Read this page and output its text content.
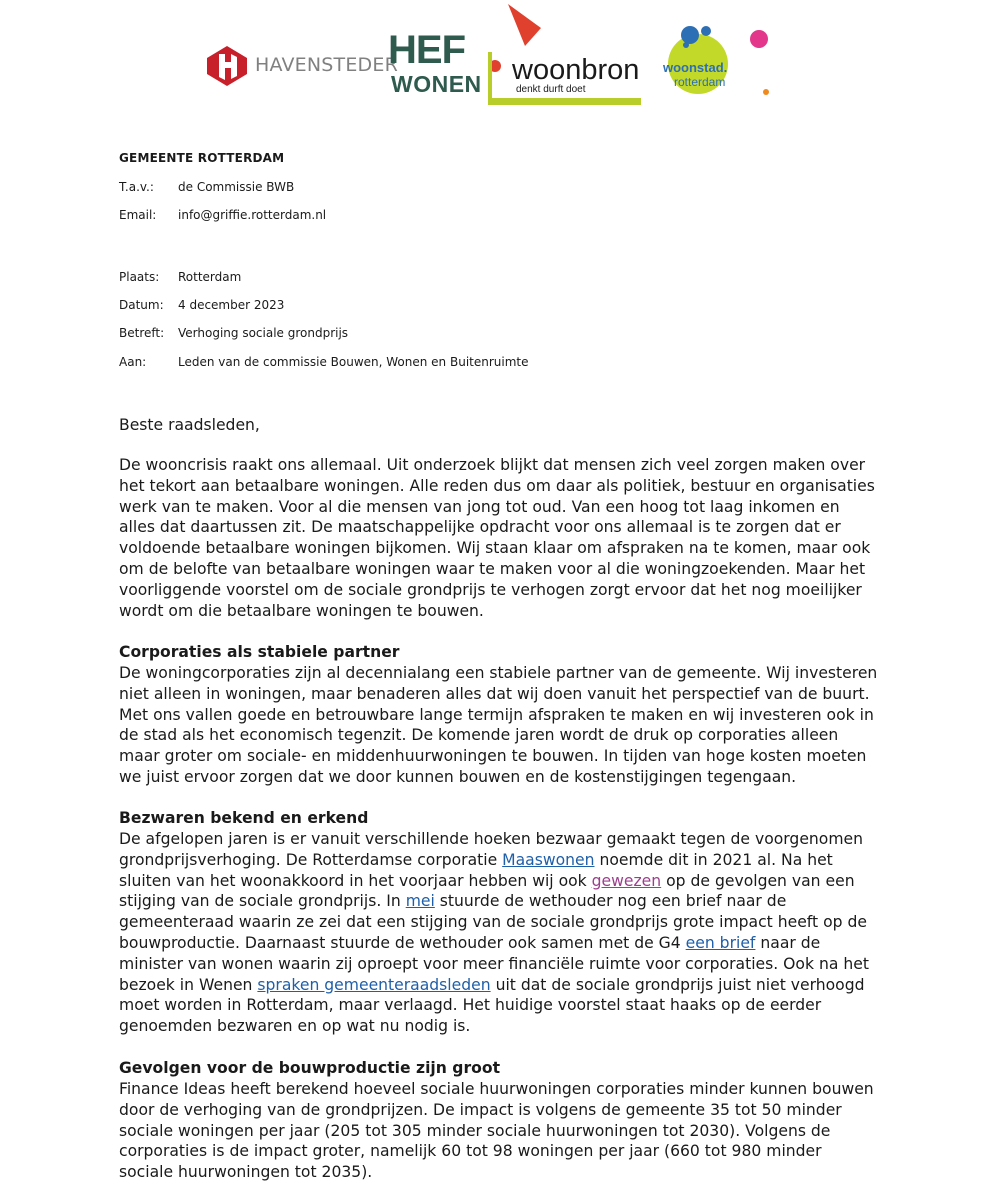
HAVENSTEDER
HEF
WONEN woonbron
denkt durft doet
woonstad.
rotterdam
GEMEENTE ROTTERDAM
T.a.v.: de Commissie BWB
Email: info@griffie.rotterdam.nl
Plaats: Rotterdam
Datum: 4 december 2023
Betreft: Verhoging sociale grondprijs
Aan:	Leden van de commissie Bouwen, Wonen en Buitenruimte
Beste raadsleden,
De wooncrisis raakt ons allemaal. Uit onderzoek blijkt dat mensen zich veel zorgen maken over het tekort aan betaalbare woningen. Alle reden dus om daar als politiek, bestuur en organisaties werk van te maken. Voor al die mensen van jong tot oud. Van een hoog tot laag inkomen en alles dat daartussen zit. De maatschappelijke opdracht voor ons allemaal is te zorgen dat er voldoende betaalbare woningen bijkomen. Wij staan klaar om afspraken na te komen, maar ook om de belofte van betaalbare woningen waar te maken voor al die woningzoekenden. Maar het voorliggende voorstel om de sociale grondprijs te verhogen zorgt ervoor dat het nog moeilijker wordt om die betaalbare woningen te bouwen.
Corporaties als stabiele partner
De woningcorporaties zijn al decennialang een stabiele partner van de gemeente. Wij investeren niet alleen in woningen, maar benaderen alles dat wij doen vanuit het perspectief van de buurt. Met ons vallen goede en betrouwbare lange termijn afspraken te maken en wij investeren ook in de stad als het economisch tegenzit. De komende jaren wordt de druk op corporaties alleen maar groter om sociale- en middenhuurwoningen te bouwen. In tijden van hoge kosten moeten we juist ervoor zorgen dat we door kunnen bouwen en de kostenstijgingen tegengaan.
Bezwaren bekend en erkend
De afgelopen jaren is er vanuit verschillende hoeken bezwaar gemaakt tegen de voorgenomen grondprijsverhoging. De Rotterdamse corporatie Maaswonen noemde dit in 2021 al. Na het sluiten van het woonakkoord in het voorjaar hebben wij ook gewezen op de gevolgen van een stijging van de sociale grondprijs. In mei stuurde de wethouder nog een brief naar de gemeenteraad waarin ze zei dat een stijging van de sociale grondprijs grote impact heeft op de bouwproductie. Daarnaast stuurde de wethouder ook samen met de G4 een brief naar de minister van wonen waarin zij oproept voor meer financiële ruimte voor corporaties. Ook na het bezoek in Wenen spraken gemeenteraadsleden uit dat de sociale grondprijs juist niet verhoogd moet worden in Rotterdam, maar verlaagd. Het huidige voorstel staat haaks op de eerder genoemden bezwaren en op wat nu nodig is.
Gevolgen voor de bouwproductie zijn groot
Finance Ideas heeft berekend hoeveel sociale huurwoningen corporaties minder kunnen bouwen door de verhoging van de grondprijzen. De impact is volgens de gemeente 35 tot 50 minder sociale woningen per jaar (205 tot 305 minder sociale huurwoningen tot 2030). Volgens de corporaties is de impact groter, namelijk 60 tot 98 woningen per jaar (660 tot 980 minder sociale huurwoningen tot 2035).
